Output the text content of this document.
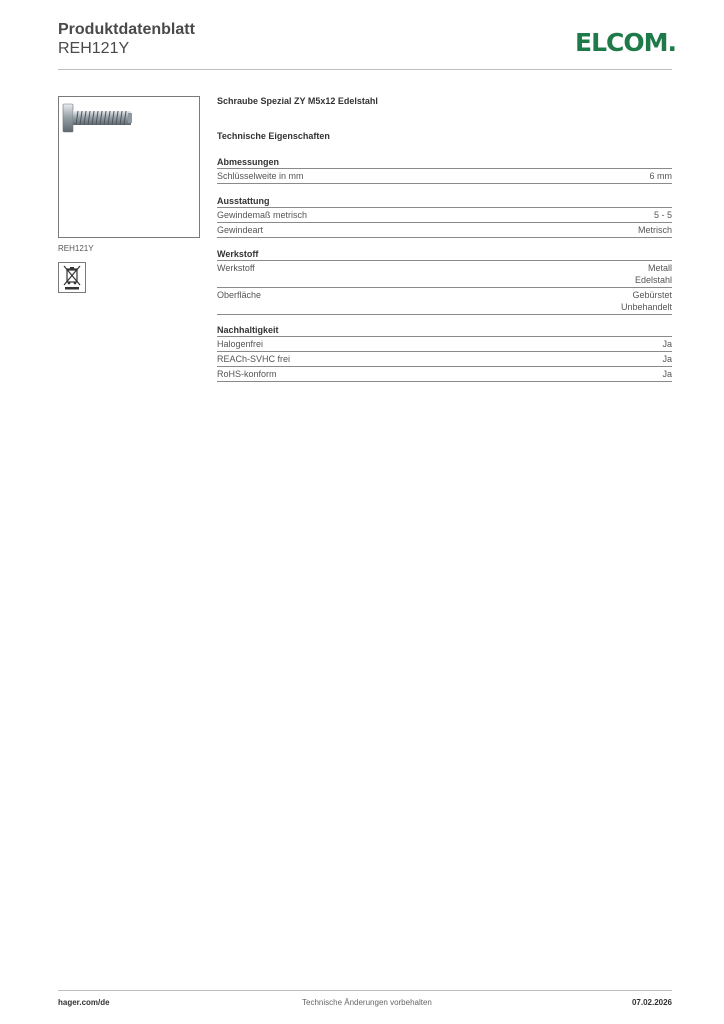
Produktdatenblatt
REH121Y	ELCOM.
REH121Y
Schraube Spezial ZY M5x12 Edelstahl
Technische Eigenschaften
Abmessungen
Schlüsselweite in mm	6 mm
Ausstattung
Gewindemaß metrisch	5 - 5
Gewindeart	Metrisch
Werkstoff
Werkstoff	Metall
Edelstahl
Oberfläche	Gebürstet
Unbehandelt
Nachhaltigkeit
Halogenfrei	Ja
REACh-SVHC frei	Ja
RoHS-konform	Ja
hager.com/de	Technische Änderungen vorbehalten	07.02.2026
